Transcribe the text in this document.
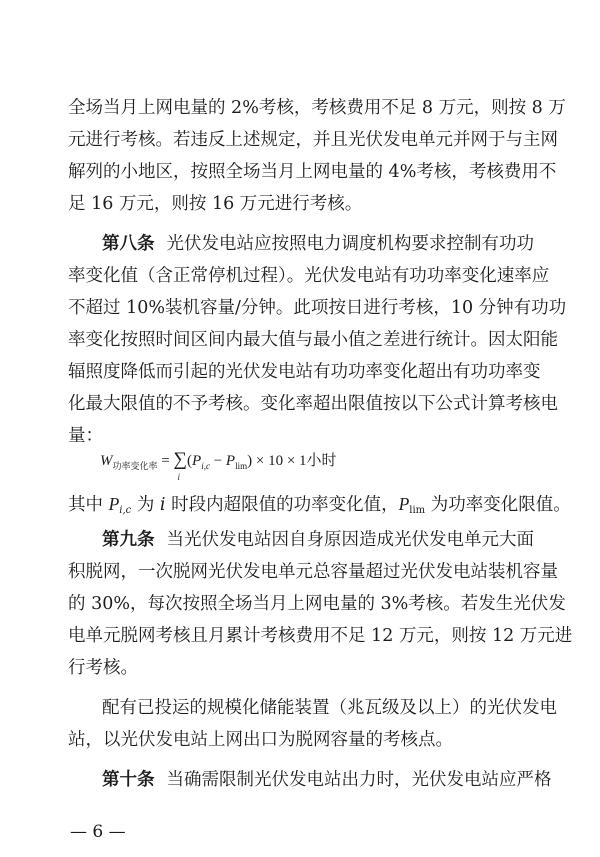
全场当月上网电量的 2%考核，考核费用不足 8 万元，则按 8 万
元进行考核。若违反上述规定，并且光伏发电单元并网于与主网
解列的小地区，按照全场当月上网电量的 4%考核，考核费用不
足 16 万元，则按 16 万元进行考核。
第八条 光伏发电站应按照电力调度机构要求控制有功功
率变化值（含正常停机过程）。光伏发电站有功功率变化速率应
不超过 10%装机容量/分钟。此项按日进行考核，10 分钟有功功
率变化按照时间区间内最大值与最小值之差进行统计。因太阳能
辐照度降低而引起的光伏发电站有功功率变化超出有功功率变
化最大限值的不予考核。变化率超出限值按以下公式计算考核电
量：
$W_{功率变化率}$ = ∑
i
$(P_{i,c} - P_{lim}) \times 10 \times 1$小时
其中 Pi,c 为 i 时段内超限值的功率变化值，Plim 为功率变化限值。
第九条 当光伏发电站因自身原因造成光伏发电单元大面
积脱网，一次脱网光伏发电单元总容量超过光伏发电站装机容量
的 30%，每次按照全场当月上网电量的 3%考核。若发生光伏发
电单元脱网考核且月累计考核费用不足 12 万元，则按 12 万元进
行考核。
配有已投运的规模化储能装置（兆瓦级及以上）的光伏发电
站，以光伏发电站上网出口为脱网容量的考核点。
第十条 当确需限制光伏发电站出力时，光伏发电站应严格
— 6 —
